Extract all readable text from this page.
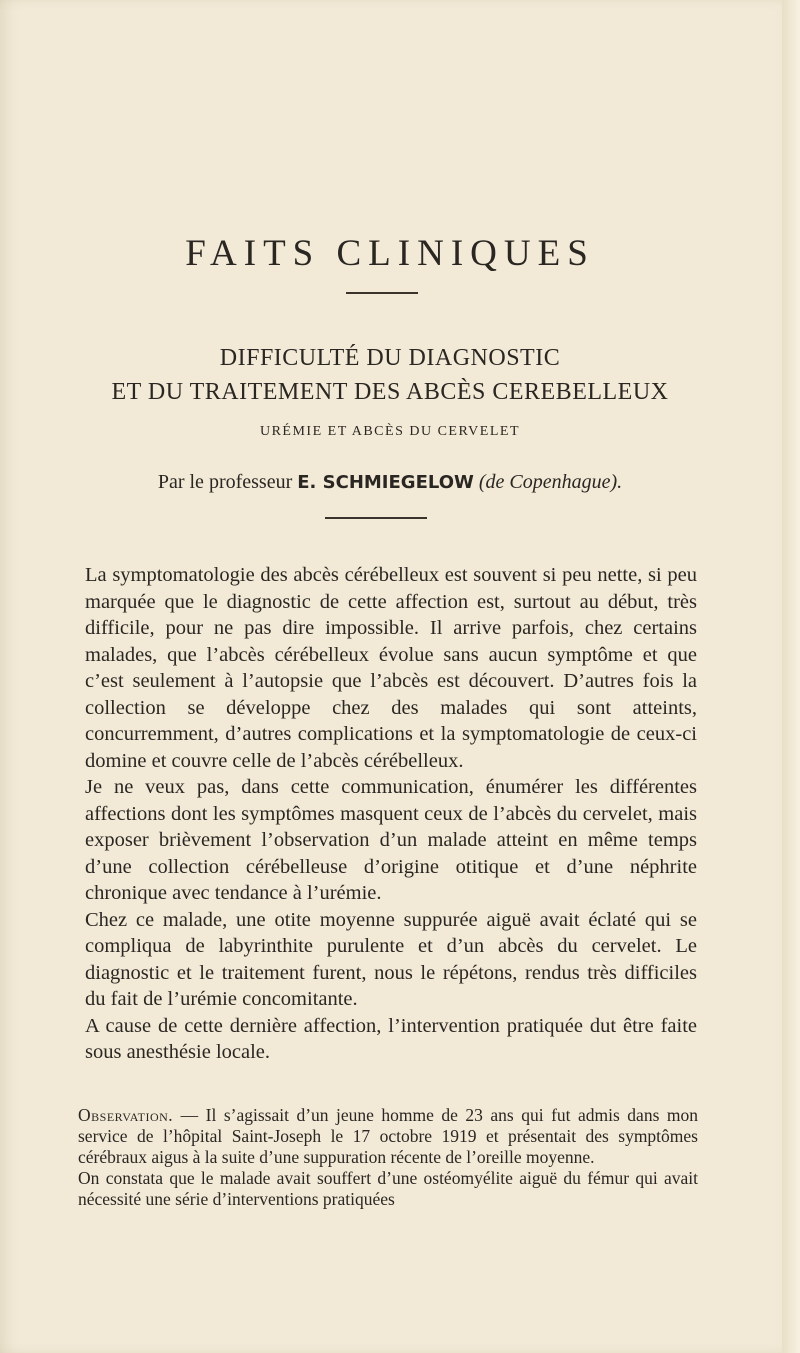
FAITS CLINIQUES
DIFFICULTÉ DU DIAGNOSTIC
ET DU TRAITEMENT DES ABCÈS CEREBELLEUX
URÉMIE ET ABCÈS DU CERVELET
Par le professeur E. SCHMIEGELOW (de Copenhague).

La symptomatologie des abcès cérébelleux est souvent si peu nette, si peu marquée que le diagnostic de cette affection est, surtout au début, très difficile, pour ne pas dire impossible. Il arrive parfois, chez certains malades, que l’abcès cérébelleux évolue sans aucun symptôme et que c’est seulement à l’autopsie que l’abcès est découvert. D’autres fois la collection se développe chez des malades qui sont atteints, concurremment, d’autres complications et la symptomatologie de ceux-ci domine et couvre celle de l’abcès cérébelleux.

Je ne veux pas, dans cette communication, énumérer les différentes affections dont les symptômes masquent ceux de l’abcès du cervelet, mais exposer brièvement l’observation d’un malade atteint en même temps d’une collection cérébelleuse d’origine otitique et d’une néphrite chronique avec tendance à l’urémie.

Chez ce malade, une otite moyenne suppurée aiguë avait éclaté qui se compliqua de labyrinthite purulente et d’un abcès du cervelet. Le diagnostic et le traitement furent, nous le répétons, rendus très difficiles du fait de l’urémie concomitante.

A cause de cette dernière affection, l’intervention pratiquée dut être faite sous anesthésie locale.

Observation. — Il s’agissait d’un jeune homme de 23 ans qui fut admis dans mon service de l’hôpital Saint-Joseph le 17 octobre 1919 et présentait des symptômes cérébraux aigus à la suite d’une suppuration récente de l’oreille moyenne.

On constata que le malade avait souffert d’une ostéomyélite aiguë du fémur qui avait nécessité une série d’interventions pratiquées
